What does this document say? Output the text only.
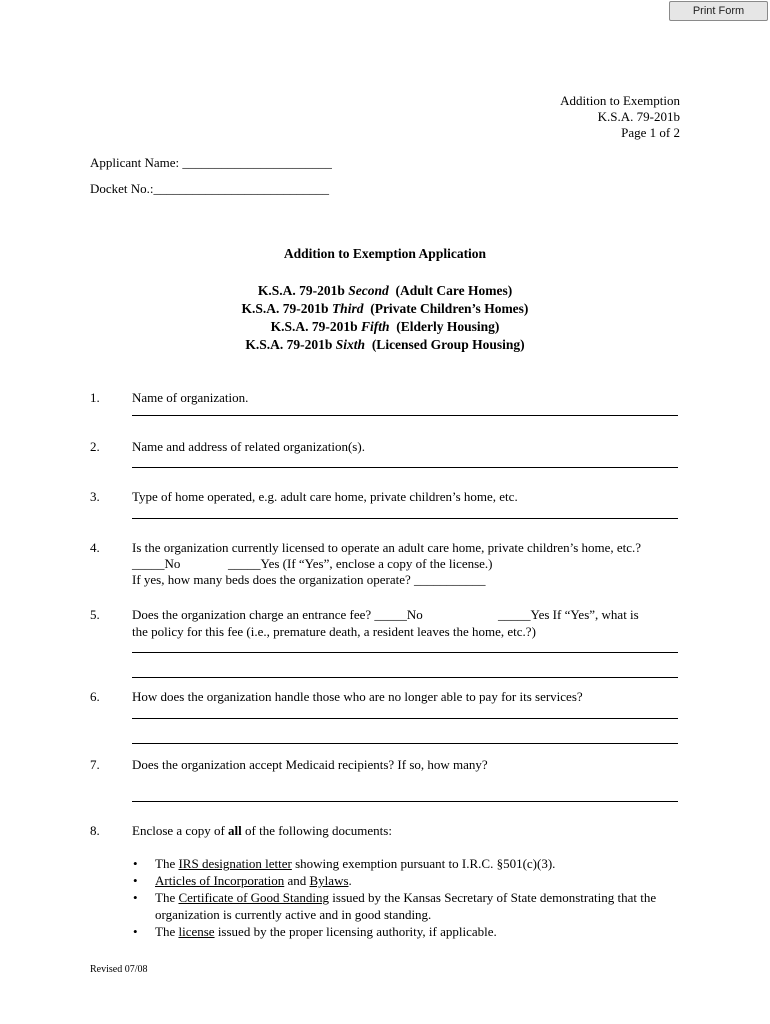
Print Form
Addition to Exemption
K.S.A. 79-201b
Page 1 of 2
Applicant Name: _______________________
Docket No.:___________________________
Addition to Exemption Application
K.S.A. 79-201b Second  (Adult Care Homes)
K.S.A. 79-201b Third  (Private Children’s Homes)
K.S.A. 79-201b Fifth  (Elderly Housing)
K.S.A. 79-201b Sixth  (Licensed Group Housing)
1. Name of organization.
2. Name and address of related organization(s).
3. Type of home operated, e.g. adult care home, private children’s home, etc.
4. Is the organization currently licensed to operate an adult care home, private children’s home, etc.?
_____No	_____Yes (If “Yes”, enclose a copy of the license.)
If yes, how many beds does the organization operate? ___________
5. Does the organization charge an entrance fee? _____No	_____Yes If “Yes”, what is
the policy for this fee (i.e., premature death, a resident leaves the home, etc.?)
6. How does the organization handle those who are no longer able to pay for its services?
7. Does the organization accept Medicaid recipients? If so, how many?
8. Enclose a copy of all of the following documents:
• The IRS designation letter showing exemption pursuant to I.R.C. §501(c)(3).
• Articles of Incorporation and Bylaws.
• The Certificate of Good Standing issued by the Kansas Secretary of State demonstrating that the organization is currently active and in good standing.
• The license issued by the proper licensing authority, if applicable.
Revised 07/08
